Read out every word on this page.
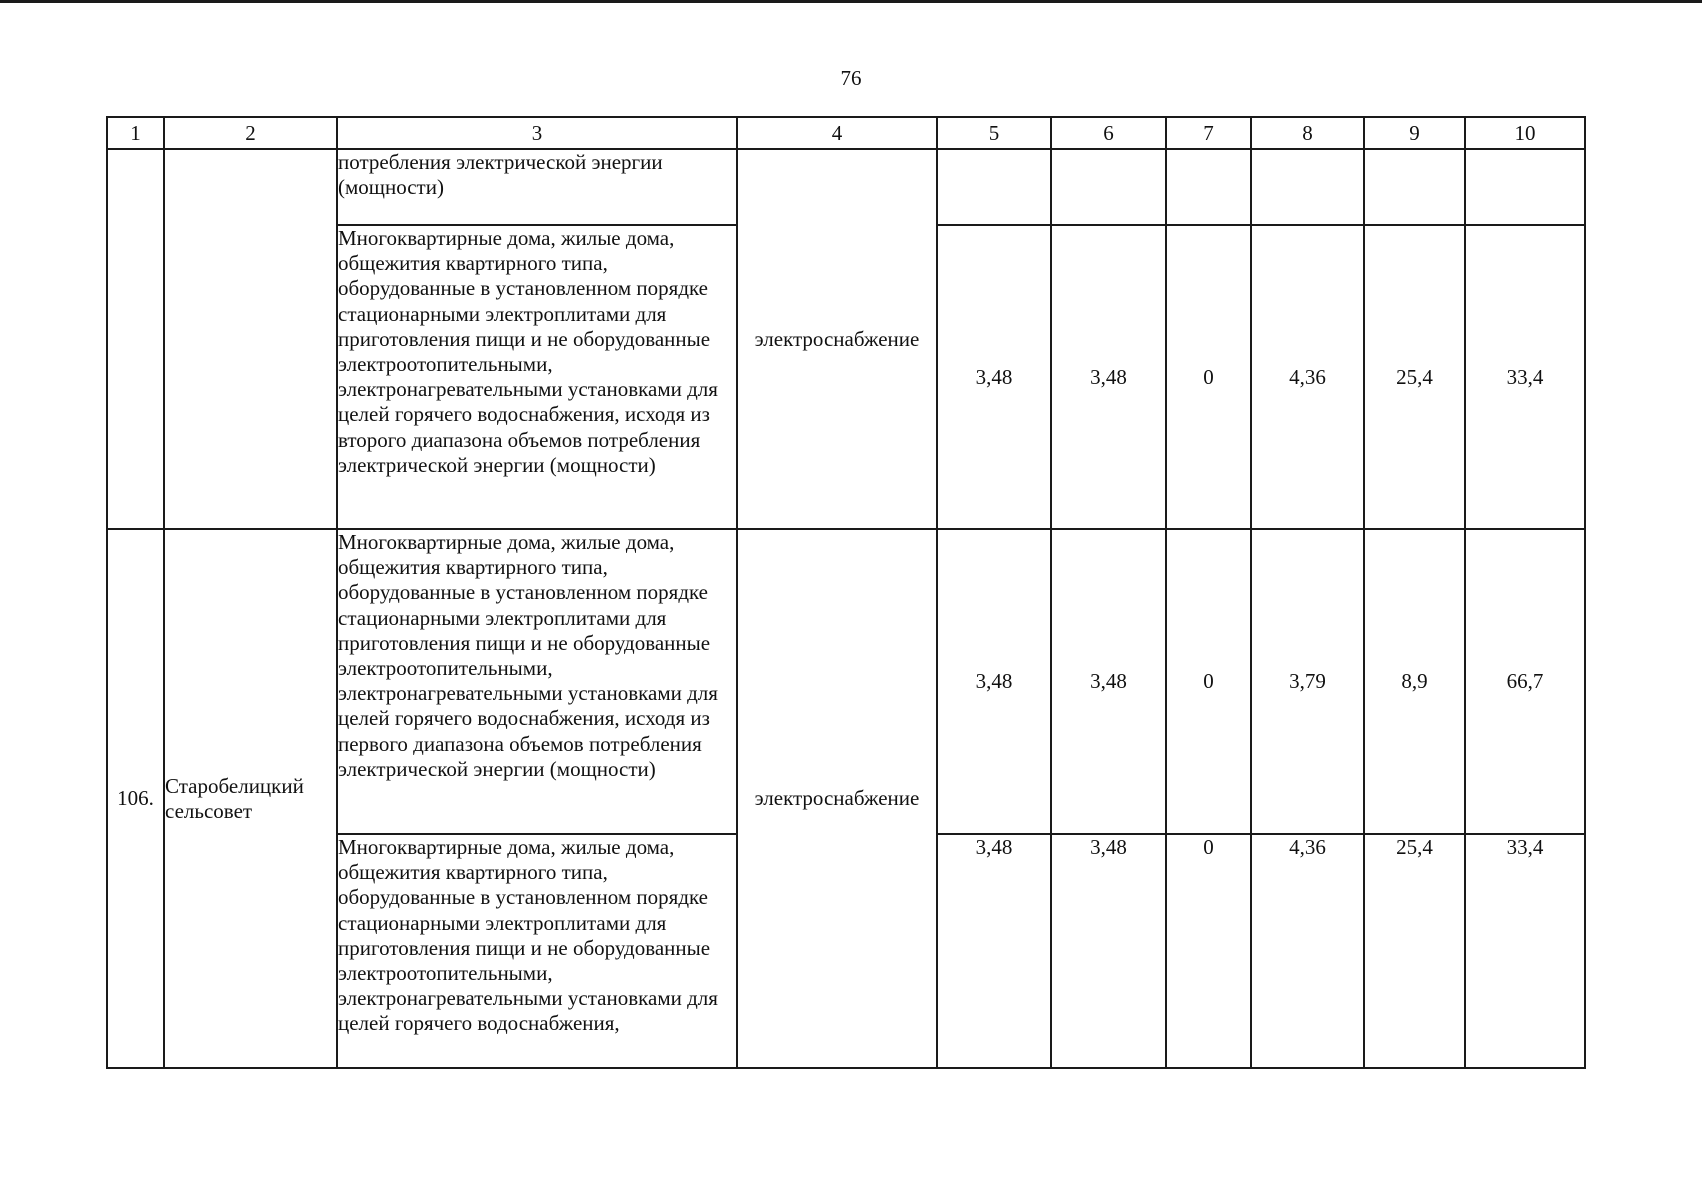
76
1	2	3	4	5	6	7	8	9	10
		потребления электрической энергии (мощности)	электроснабжение						
		Многоквартирные дома, жилые дома, общежития квартирного типа, оборудованные в установленном порядке стационарными электроплитами для приготовления пищи и не оборудованные электроотопительными, электронагревательными установками для целей горячего водоснабжения, исходя из второго диапазона объемов потребления электрической энергии (мощности)		3,48	3,48	0	4,36	25,4	33,4
106.	Старобелицкий сельсовет	Многоквартирные дома, жилые дома, общежития квартирного типа, оборудованные в установленном порядке стационарными электроплитами для приготовления пищи и не оборудованные электроотопительными, электронагревательными установками для целей горячего водоснабжения, исходя из первого диапазона объемов потребления электрической энергии (мощности)	электроснабжение	3,48	3,48	0	3,79	8,9	66,7
		Многоквартирные дома, жилые дома, общежития квартирного типа, оборудованные в установленном порядке стационарными электроплитами для приготовления пищи и не оборудованные электроотопительными, электронагревательными установками для целей горячего водоснабжения,		3,48	3,48	0	4,36	25,4	33,4
